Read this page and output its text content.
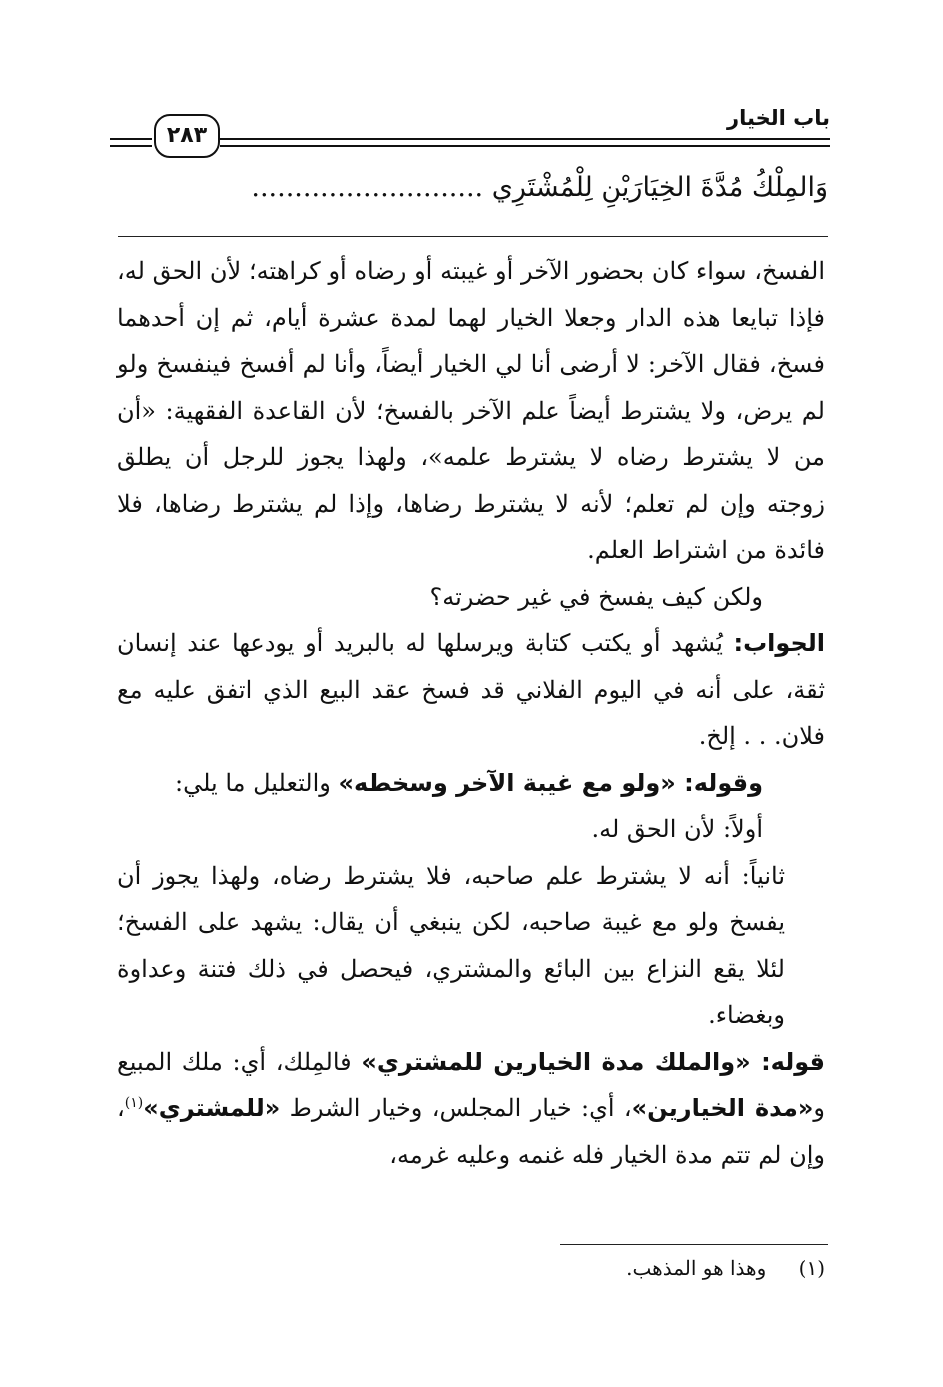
باب الخيار
٢٨٣
وَالمِلْكُ مُدَّةَ الخِيَارَيْنِ لِلْمُشْتَرِي ...........................

الفسخ، سواء كان بحضور الآخر أو غيبته أو رضاه أو كراهته؛ لأن الحق له، فإذا تبايعا هذه الدار وجعلا الخيار لهما لمدة عشرة أيام، ثم إن أحدهما فسخ، فقال الآخر: لا أرضى أنا لي الخيار أيضاً، وأنا لم أفسخ فينفسخ ولو لم يرض، ولا يشترط أيضاً علم الآخر بالفسخ؛ لأن القاعدة الفقهية: «أن من لا يشترط رضاه لا يشترط علمه»، ولهذا يجوز للرجل أن يطلق زوجته وإن لم تعلم؛ لأنه لا يشترط رضاها، وإذا لم يشترط رضاها، فلا فائدة من اشتراط العلم.

ولكن كيف يفسخ في غير حضرته؟

الجواب: يُشهد أو يكتب كتابة ويرسلها له بالبريد أو يودعها عند إنسان ثقة، على أنه في اليوم الفلاني قد فسخ عقد البيع الذي اتفق عليه مع فلان. . . إلخ.

وقوله: «ولو مع غيبة الآخر وسخطه» والتعليل ما يلي:

أولاً: لأن الحق له.

ثانياً: أنه لا يشترط علم صاحبه، فلا يشترط رضاه، ولهذا يجوز أن يفسخ ولو مع غيبة صاحبه، لكن ينبغي أن يقال: يشهد على الفسخ؛ لئلا يقع النزاع بين البائع والمشتري، فيحصل في ذلك فتنة وعداوة وبغضاء.

قوله: «والملك مدة الخيارين للمشتري» فالمِلك، أي: ملك المبيع و«مدة الخيارين»، أي: خيار المجلس، وخيار الشرط «للمشتري»$^{(١)}$، وإن لم تتم مدة الخيار فله غنمه وعليه غرمه،

(١) وهذا هو المذهب.
